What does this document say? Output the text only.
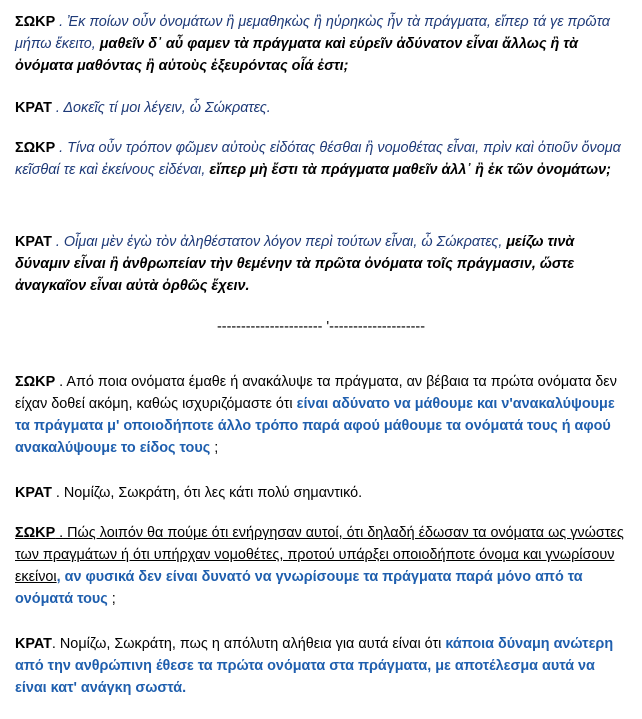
ΣΩΚΡ . Ἐκ ποίων οὖν ὀνομάτων ἢ μεμαθηκὼς ἢ ηὑρηκὼς ἦν τὰ πράγματα, εἴπερ τά γε πρῶτα μήπω ἔκειτο, μαθεῖν δ᾽ αὖ φαμεν τὰ πράγματα καὶ εὑρεῖν ἀδύνατον εἶναι ἄλλως ἢ τὰ ὀνόματα μαθόντας ἢ αὐτοὺς ἐξευρόντας οἷά ἐστι;

ΚΡΑΤ . Δοκεῖς τί μοι λέγειν, ὦ Σώκρατες.

ΣΩΚΡ . Τίνα οὖν τρόπον φῶμεν αὐτοὺς εἰδότας θέσθαι ἢ νομοθέτας εἶναι, πρὶν καὶ ὁτιοῦν ὄνομα κεῖσθαί τε καὶ ἐκείνους εἰδέναι, εἴπερ μὴ ἔστι τὰ πράγματα μαθεῖν ἀλλ᾽ ἢ ἐκ τῶν ὀνομάτων;

ΚΡΑΤ . Οἶμαι μὲν ἐγὼ τὸν ἀληθέστατον λόγον περὶ τούτων εἶναι, ὦ Σώκρατες, μείζω τινὰ δύναμιν εἶναι ἢ ἀνθρωπείαν τὴν θεμένην τὰ πρῶτα ὀνόματα τοῖς πράγμασιν, ὥστε ἀναγκαῖον εἶναι αὐτὰ ὀρθῶς ἔχειν.

---------------------- '--------------------

ΣΩΚΡ . Από ποια ονόματα έμαθε ή ανακάλυψε τα πράγματα, αν βέβαια τα πρώτα ονόματα δεν είχαν δοθεί ακόμη, καθώς ισχυριζόμαστε ότι είναι αδύνατο να μάθουμε και ν'ανακαλύψουμε τα πράγματα μ' οποιοδήποτε άλλο τρόπο παρά αφού μάθουμε τα ονόματά τους ή αφού ανακαλύψουμε το είδος τους ;

ΚΡΑΤ . Νομίζω, Σωκράτη, ότι λες κάτι πολύ σημαντικό.

ΣΩΚΡ . Πώς λοιπόν θα πούμε ότι ενήργησαν αυτοί, ότι δηλαδή έδωσαν τα ονόματα ως γνώστες των πραγμάτων ή ότι υπήρχαν νομοθέτες, προτού υπάρξει οποιοδήποτε όνομα και γνωρίσουν εκείνοι, αν φυσικά δεν είναι δυνατό να γνωρίσουμε τα πράγματα παρά μόνο από τα ονόματά τους ;

ΚΡΑΤ. Νομίζω, Σωκράτη, πως η απόλυτη αλήθεια για αυτά είναι ότι κάποια δύναμη ανώτερη από την ανθρώπινη έθεσε τα πρώτα ονόματα στα πράγματα, με αποτέλεσμα αυτά να είναι κατ' ανάγκη σωστά.
